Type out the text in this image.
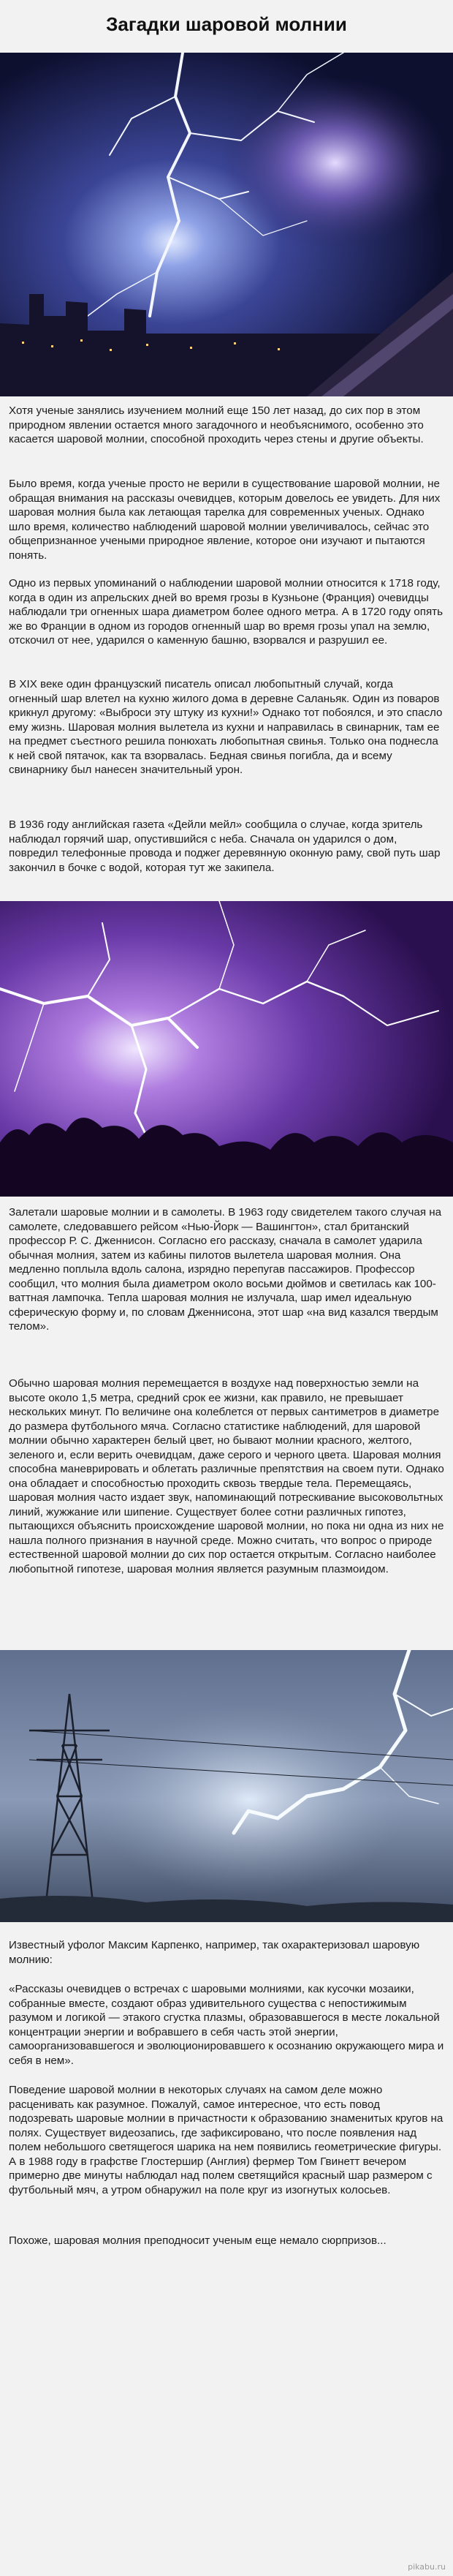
Загадки шаровой молнии

Хотя ученые занялись изучением молний еще 150 лет назад, до сих пор в этом природном явлении остается много загадочного и необъяснимого, особенно это касается шаровой молнии, способной проходить через стены и другие объекты.

Было время, когда ученые просто не верили в существование шаровой молнии, не обращая внимания на рассказы очевидцев, которым довелось ее увидеть. Для них шаровая молния была как летающая тарелка для современных ученых. Однако шло время, количество наблюдений шаровой молнии увеличивалось, сейчас это общепризнанное учеными природное явление, которое они изучают и пытаются понять.

Одно из первых упоминаний о наблюдении шаровой молнии относится к 1718 году, когда в один из апрельских дней во время грозы в Кузньоне (Франция) очевидцы наблюдали три огненных шара диаметром более одного метра. А в 1720 году опять же во Франции в одном из городов огненный шар во время грозы упал на землю, отскочил от нее, ударился о каменную башню, взорвался и разрушил ее.

В XIX веке один французский писатель описал любопытный случай, когда огненный шар влетел на кухню жилого дома в деревне Саланьяк. Один из поваров крикнул другому: «Выброси эту штуку из кухни!» Однако тот побоялся, и это спасло ему жизнь. Шаровая молния вылетела из кухни и направилась в свинарник, там ее на предмет съестного решила понюхать любопытная свинья. Только она поднесла к ней свой пятачок, как та взорвалась. Бедная свинья погибла, да и всему свинарнику был нанесен значительный урон.

В 1936 году английская газета «Дейли мейл» сообщила о случае, когда зритель наблюдал горячий шар, опустившийся с неба. Сначала он ударился о дом, повредил телефонные провода и поджег деревянную оконную раму, свой путь шар закончил в бочке с водой, которая тут же закипела.

Залетали шаровые молнии и в самолеты. В 1963 году свидетелем такого случая на самолете, следовавшего рейсом «Нью-Йорк — Вашингтон», стал британский профессор Р. С. Дженнисон. Согласно его рассказу, сначала в самолет ударила обычная молния, затем из кабины пилотов вылетела шаровая молния. Она медленно поплыла вдоль салона, изрядно перепугав пассажиров. Профессор сообщил, что молния была диаметром около восьми дюймов и светилась как 100-ваттная лампочка. Тепла шаровая молния не излучала, шар имел идеальную сферическую форму и, по словам Дженнисона, этот шар «на вид казался твердым телом».

Обычно шаровая молния перемещается в воздухе над поверхностью земли на высоте около 1,5 метра, средний срок ее жизни, как правило, не превышает нескольких минут. По величине она колеблется от первых сантиметров в диаметре до размера футбольного мяча. Согласно статистике наблюдений, для шаровой молнии обычно характерен белый цвет, но бывают молнии красного, желтого, зеленого и, если верить очевидцам, даже серого и черного цвета. Шаровая молния способна маневрировать и облетать различные препятствия на своем пути. Однако она обладает и способностью проходить сквозь твердые тела. Перемещаясь, шаровая молния часто издает звук, напоминающий потрескивание высоковольтных линий, жужжание или шипение. Существует более сотни различных гипотез, пытающихся объяснить происхождение шаровой молнии, но пока ни одна из них не нашла полного признания в научной среде. Можно считать, что вопрос о природе естественной шаровой молнии до сих пор остается открытым. Согласно наиболее любопытной гипотезе, шаровая молния является разумным плазмоидом.

Известный уфолог Максим Карпенко, например, так охарактеризовал шаровую молнию:

«Рассказы очевидцев о встречах с шаровыми молниями, как кусочки мозаики, собранные вместе, создают образ удивительного существа с непостижимым разумом и логикой — этакого сгустка плазмы, образовавшегося в месте локальной концентрации энергии и вобравшего в себя часть этой энергии, самоорганизовавшегося и эволюционировавшего к осознанию окружающего мира и себя в нем».

Поведение шаровой молнии в некоторых случаях на самом деле можно расценивать как разумное. Пожалуй, самое интересное, что есть повод подозревать шаровые молнии в причастности к образованию знаменитых кругов на полях. Существует видеозапись, где зафиксировано, что после появления над полем небольшого светящегося шарика на нем появились геометрические фигуры. А в 1988 году в графстве Глостершир (Англия) фермер Том Гвинетт вечером примерно две минуты наблюдал над полем светящийся красный шар размером с футбольный мяч, а утром обнаружил на поле круг из изогнутых колосьев.

Похоже, шаровая молния преподносит ученым еще немало сюрпризов...

pikabu.ru
